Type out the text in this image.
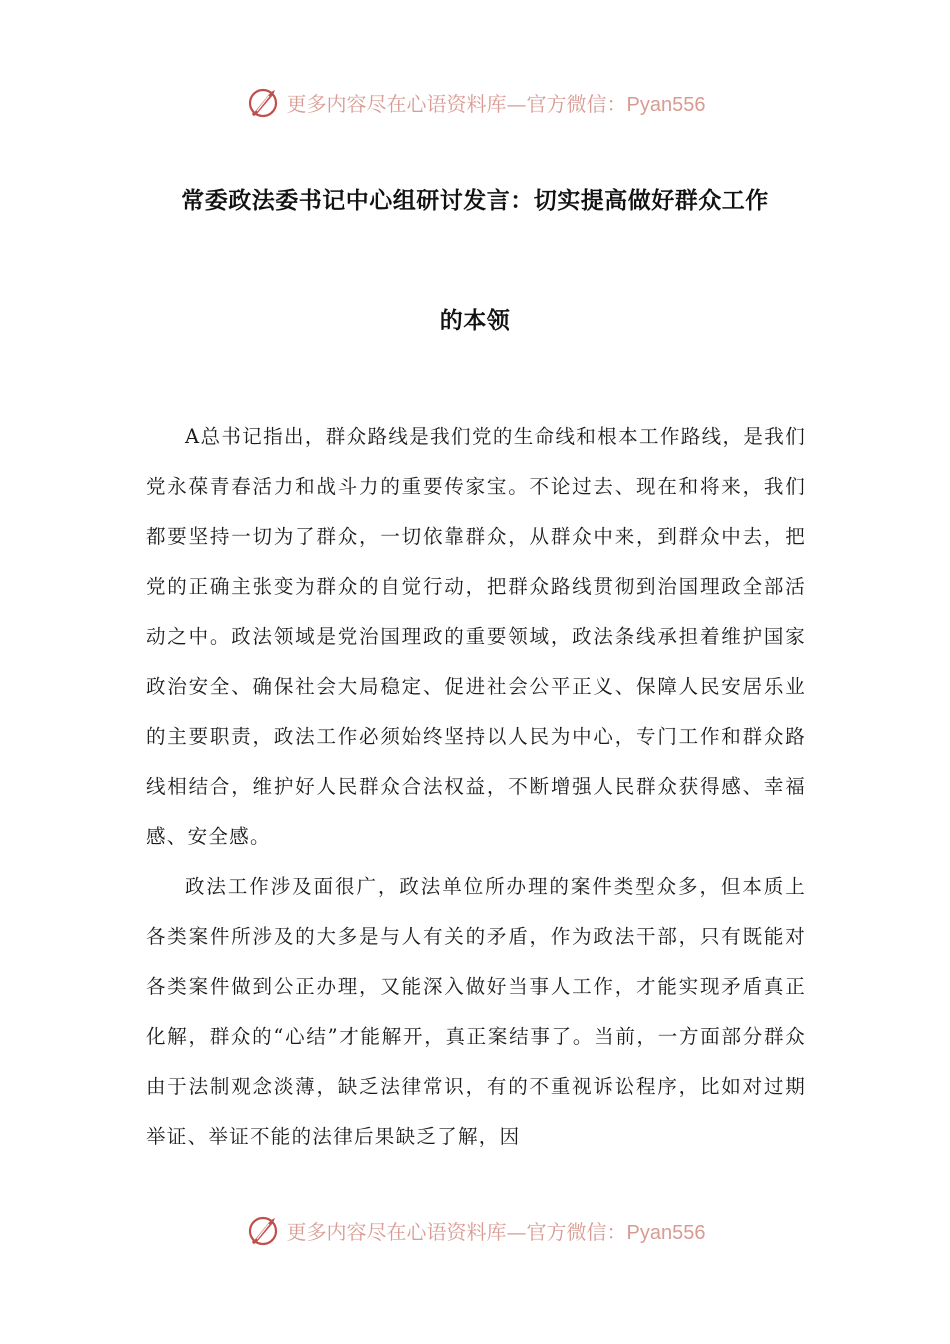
更多内容尽在心语资料库—官方微信：Pyan556
常委政法委书记中心组研讨发言：切实提高做好群众工作
的本领

A总书记指出，群众路线是我们党的生命线和根本工作路线，是我们党永葆青春活力和战斗力的重要传家宝。不论过去、现在和将来，我们都要坚持一切为了群众，一切依靠群众，从群众中来，到群众中去，把党的正确主张变为群众的自觉行动，把群众路线贯彻到治国理政全部活动之中。政法领域是党治国理政的重要领域，政法条线承担着维护国家政治安全、确保社会大局稳定、促进社会公平正义、保障人民安居乐业的主要职责，政法工作必须始终坚持以人民为中心，专门工作和群众路线相结合，维护好人民群众合法权益，不断增强人民群众获得感、幸福感、安全感。

政法工作涉及面很广，政法单位所办理的案件类型众多，但本质上各类案件所涉及的大多是与人有关的矛盾，作为政法干部，只有既能对各类案件做到公正办理，又能深入做好当事人工作，才能实现矛盾真正化解，群众的“心结”才能解开，真正案结事了。当前，一方面部分群众由于法制观念淡薄，缺乏法律常识，有的不重视诉讼程序，比如对过期举证、举证不能的法律后果缺乏了解，因

更多内容尽在心语资料库—官方微信：Pyan556
